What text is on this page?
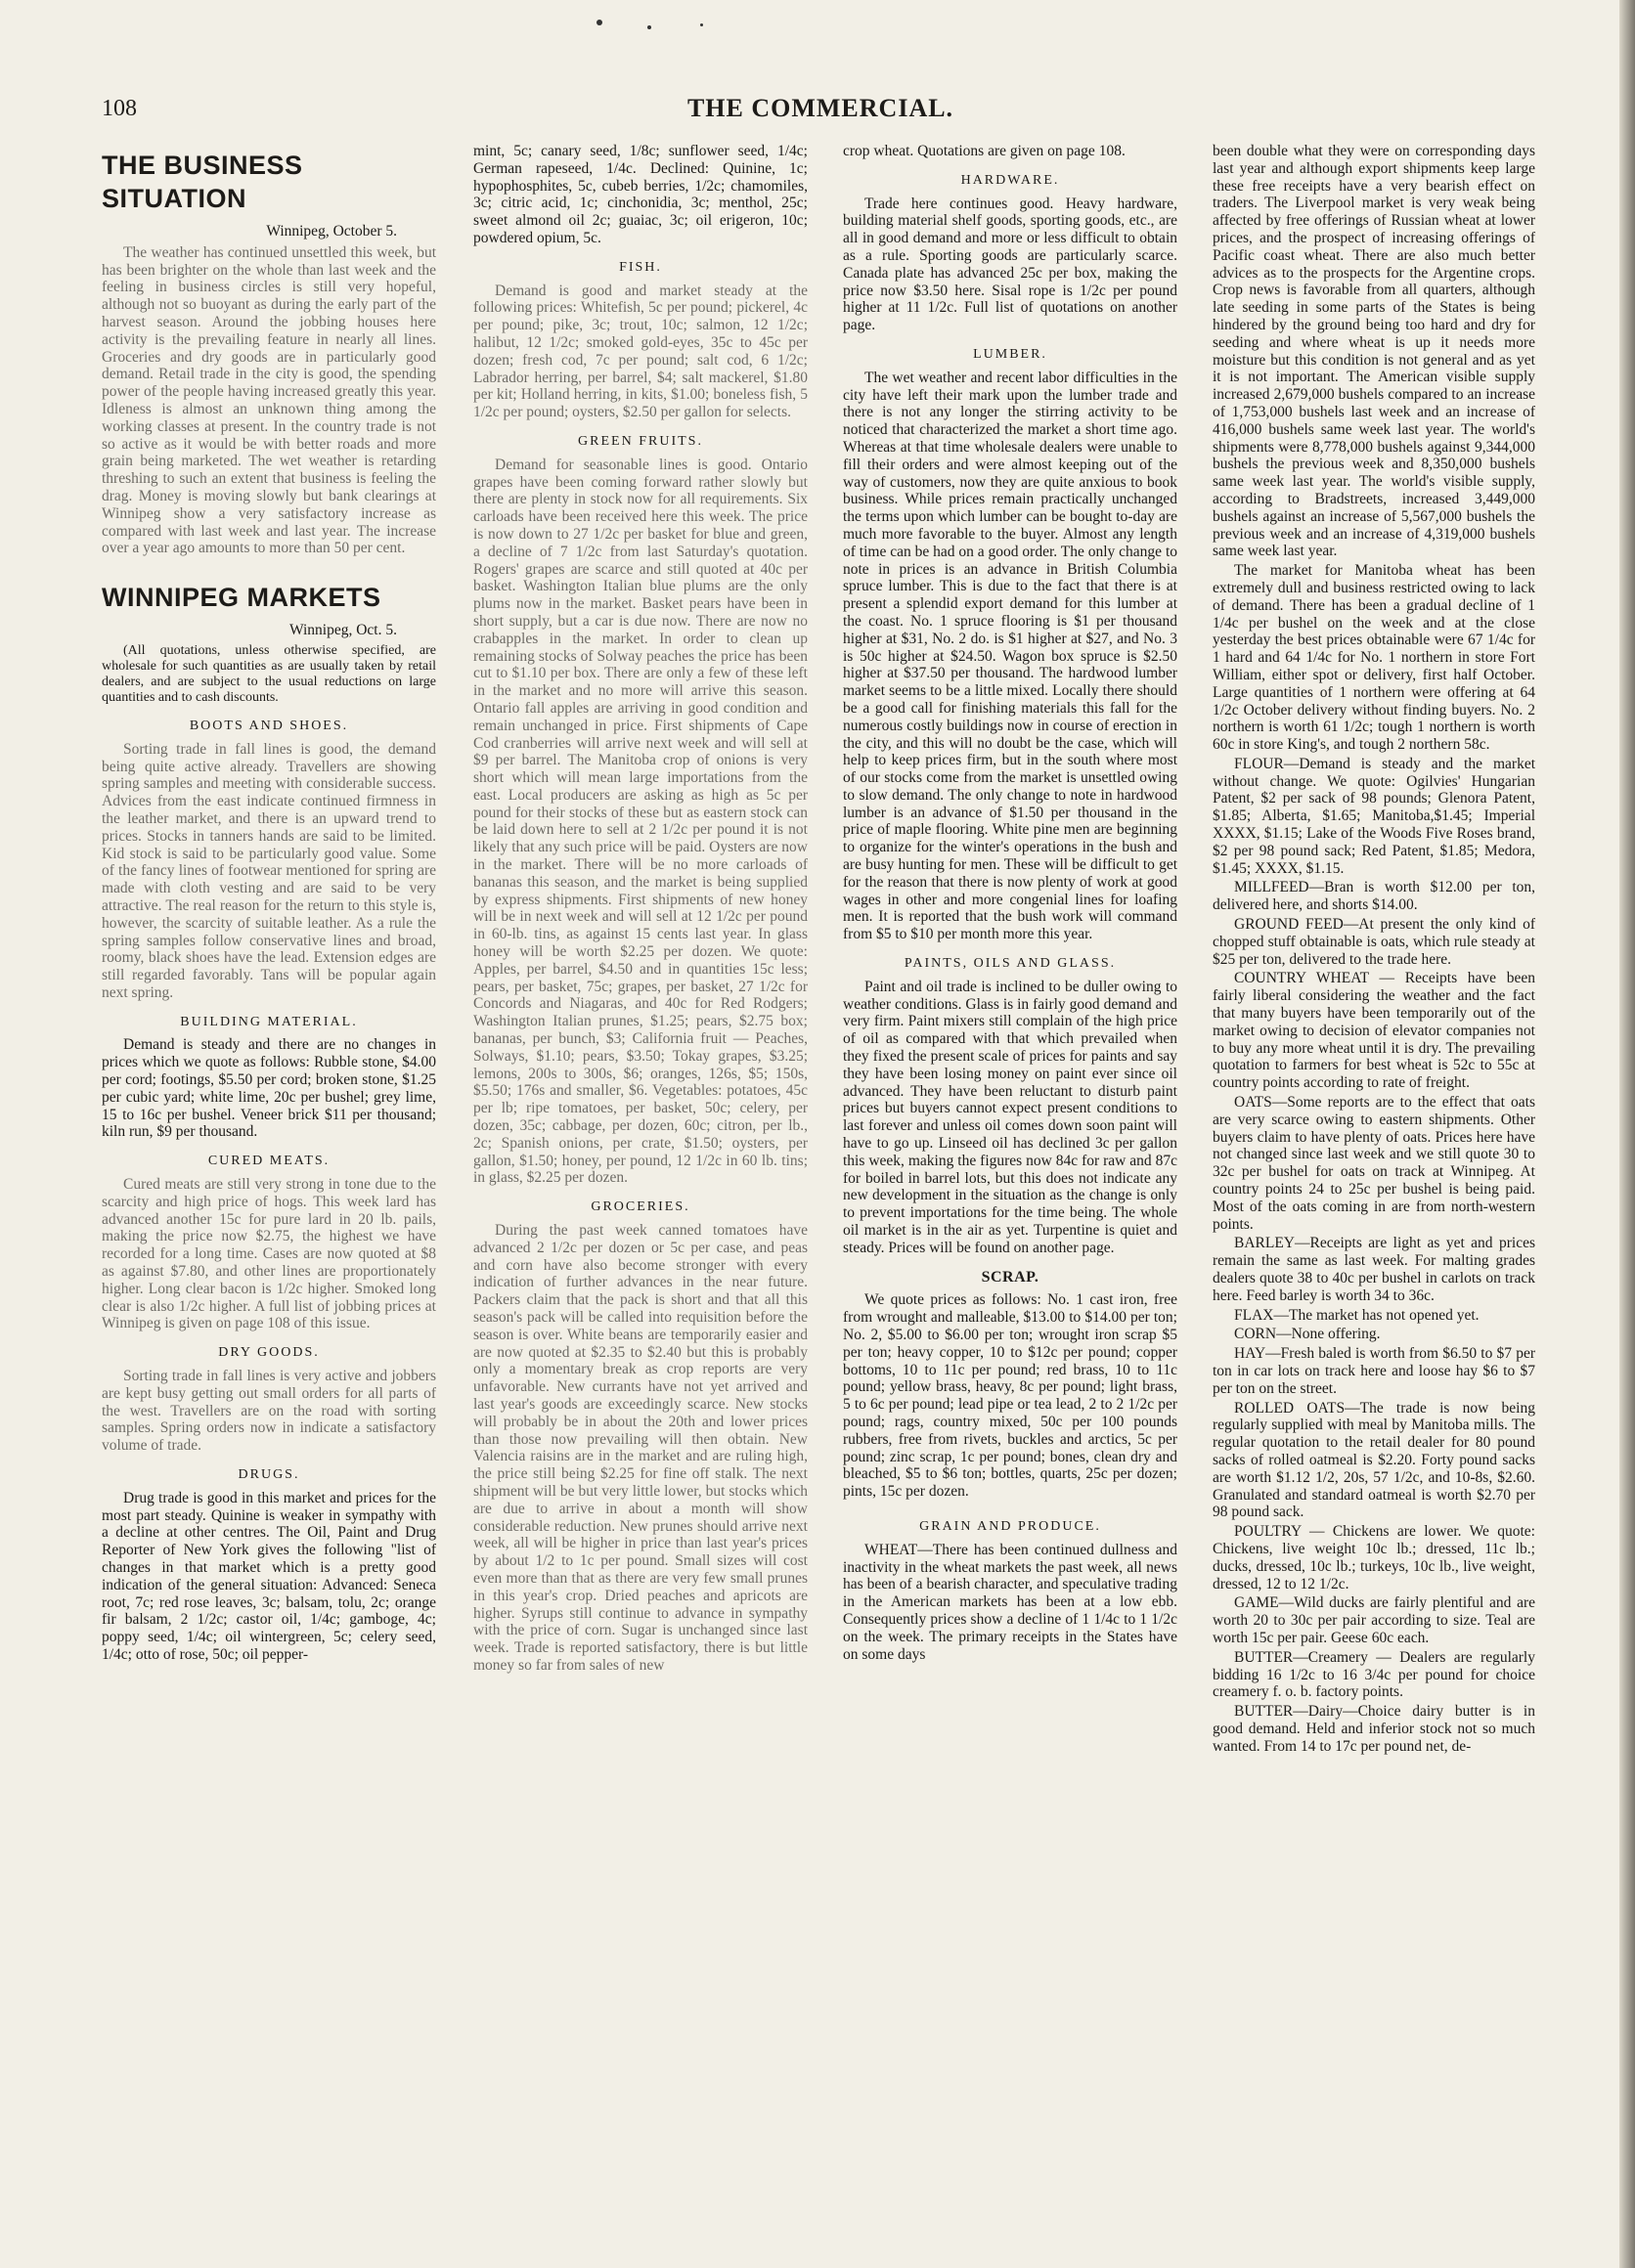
108	THE COMMERCIAL.
THE BUSINESS SITUATION
Winnipeg, October 5.

The weather has continued unsettled this week, but has been brighter on the whole than last week and the feeling in business circles is still very hopeful, although not so buoyant as during the early part of the harvest season. Around the jobbing houses here activity is the prevailing feature in nearly all lines. Groceries and dry goods are in particularly good demand. Retail trade in the city is good, the spending power of the people having increased greatly this year. Idleness is almost an unknown thing among the working classes at present. In the country trade is not so active as it would be with better roads and more grain being marketed. The wet weather is retarding threshing to such an extent that business is feeling the drag. Money is moving slowly but bank clearings at Winnipeg show a very satisfactory increase as compared with last week and last year. The increase over a year ago amounts to more than 50 per cent.

WINNIPEG MARKETS
Winnipeg, Oct. 5.

(All quotations, unless otherwise specified, are wholesale for such quantities as are usually taken by retail dealers, and are subject to the usual reductions on large quantities and to cash discounts.

BOOTS AND SHOES.

Sorting trade in fall lines is good, the demand being quite active already. Travellers are showing spring samples and meeting with considerable success. Advices from the east indicate continued firmness in the leather market, and there is an upward trend to prices. Stocks in tanners hands are said to be limited. Kid stock is said to be particularly good value. Some of the fancy lines of footwear mentioned for spring are made with cloth vesting and are said to be very attractive. The real reason for the return to this style is, however, the scarcity of suitable leather. As a rule the spring samples follow conservative lines and broad, roomy, black shoes have the lead. Extension edges are still regarded favorably. Tans will be popular again next spring.

BUILDING MATERIAL.

Demand is steady and there are no changes in prices which we quote as follows: Rubble stone, $4.00 per cord; footings, $5.50 per cord; broken stone, $1.25 per cubic yard; white lime, 20c per bushel; grey lime, 15 to 16c per bushel. Veneer brick $11 per thousand; kiln run, $9 per thousand.

CURED MEATS.

Cured meats are still very strong in tone due to the scarcity and high price of hogs. This week lard has advanced another 15c for pure lard in 20 lb. pails, making the price now $2.75, the highest we have recorded for a long time. Cases are now quoted at $8 as against $7.80, and other lines are proportionately higher. Long clear bacon is 1/2c higher. Smoked long clear is also 1/2c higher. A full list of jobbing prices at Winnipeg is given on page 108 of this issue.

DRY GOODS.

Sorting trade in fall lines is very active and jobbers are kept busy getting out small orders for all parts of the west. Travellers are on the road with sorting samples. Spring orders now in indicate a satisfactory volume of trade.

DRUGS.

Drug trade is good in this market and prices for the most part steady. Quinine is weaker in sympathy with a decline at other centres. The Oil, Paint and Drug Reporter of New York gives the following "list of changes in that market which is a pretty good indication of the general situation: Advanced: Seneca root, 7c; red rose leaves, 3c; balsam, tolu, 2c; orange fir balsam, 2 1/2c; castor oil, 1/4c; gamboge, 4c; poppy seed, 1/4c; oil wintergreen, 5c; celery seed, 1/4c; otto of rose, 50c; oil pepper-

mint, 5c; canary seed, 1/8c; sunflower seed, 1/4c; German rapeseed, 1/4c. Declined: Quinine, 1c; hypophosphites, 5c, cubeb berries, 1/2c; chamomiles, 3c; citric acid, 1c; cinchonidia, 3c; menthol, 25c; sweet almond oil 2c; guaiac, 3c; oil erigeron, 10c; powdered opium, 5c.

FISH.

Demand is good and market steady at the following prices: Whitefish, 5c per pound; pickerel, 4c per pound; pike, 3c; trout, 10c; salmon, 12 1/2c; halibut, 12 1/2c; smoked gold-eyes, 35c to 45c per dozen; fresh cod, 7c per pound; salt cod, 6 1/2c; Labrador herring, per barrel, $4; salt mackerel, $1.80 per kit; Holland herring, in kits, $1.00; boneless fish, 5 1/2c per pound; oysters, $2.50 per gallon for selects.

GREEN FRUITS.

Demand for seasonable lines is good. Ontario grapes have been coming forward rather slowly but there are plenty in stock now for all requirements. Six carloads have been received here this week. The price is now down to 27 1/2c per basket for blue and green, a decline of 7 1/2c from last Saturday's quotation. Rogers' grapes are scarce and still quoted at 40c per basket. Washington Italian blue plums are the only plums now in the market. Basket pears have been in short supply, but a car is due now. There are now no crabapples in the market. In order to clean up remaining stocks of Solway peaches the price has been cut to $1.10 per box. There are only a few of these left in the market and no more will arrive this season. Ontario fall apples are arriving in good condition and remain unchanged in price. First shipments of Cape Cod cranberries will arrive next week and will sell at $9 per barrel. The Manitoba crop of onions is very short which will mean large importations from the east. Local producers are asking as high as 5c per pound for their stocks of these but as eastern stock can be laid down here to sell at 2 1/2c per pound it is not likely that any such price will be paid. Oysters are now in the market. There will be no more carloads of bananas this season, and the market is being supplied by express shipments. First shipments of new honey will be in next week and will sell at 12 1/2c per pound in 60-lb. tins, as against 15 cents last year. In glass honey will be worth $2.25 per dozen. We quote: Apples, per barrel, $4.50 and in quantities 15c less; pears, per basket, 75c; grapes, per basket, 27 1/2c for Concords and Niagaras, and 40c for Red Rodgers; Washington Italian prunes, $1.25; pears, $2.75 box; bananas, per bunch, $3; California fruit — Peaches, Solways, $1.10; pears, $3.50; Tokay grapes, $3.25; lemons, 200s to 300s, $6; oranges, 126s, $5; 150s, $5.50; 176s and smaller, $6. Vegetables: potatoes, 45c per lb; ripe tomatoes, per basket, 50c; celery, per dozen, 35c; cabbage, per dozen, 60c; citron, per lb., 2c; Spanish onions, per crate, $1.50; oysters, per gallon, $1.50; honey, per pound, 12 1/2c in 60 lb. tins; in glass, $2.25 per dozen.

GROCERIES.

During the past week canned tomatoes have advanced 2 1/2c per dozen or 5c per case, and peas and corn have also become stronger with every indication of further advances in the near future. Packers claim that the pack is short and that all this season's pack will be called into requisition before the season is over. White beans are temporarily easier and are now quoted at $2.35 to $2.40 but this is probably only a momentary break as crop reports are very unfavorable. New currants have not yet arrived and last year's goods are exceedingly scarce. New stocks will probably be in about the 20th and lower prices than those now prevailing will then obtain. New Valencia raisins are in the market and are ruling high, the price still being $2.25 for fine off stalk. The next shipment will be but very little lower, but stocks which are due to arrive in about a month will show considerable reduction. New prunes should arrive next week, all will be higher in price than last year's prices by about 1/2 to 1c per pound. Small sizes will cost even more than that as there are very few small prunes in this year's crop. Dried peaches and apricots are higher. Syrups still continue to advance in sympathy with the price of corn. Sugar is unchanged since last week. Trade is reported satisfactory, there is but little money so far from sales of new

crop wheat. Quotations are given on page 108.

HARDWARE.

Trade here continues good. Heavy hardware, building material shelf goods, sporting goods, etc., are all in good demand and more or less difficult to obtain as a rule. Sporting goods are particularly scarce. Canada plate has advanced 25c per box, making the price now $3.50 here. Sisal rope is 1/2c per pound higher at 11 1/2c. Full list of quotations on another page.

LUMBER.

The wet weather and recent labor difficulties in the city have left their mark upon the lumber trade and there is not any longer the stirring activity to be noticed that characterized the market a short time ago. Whereas at that time wholesale dealers were unable to fill their orders and were almost keeping out of the way of customers, now they are quite anxious to book business. While prices remain practically unchanged the terms upon which lumber can be bought to-day are much more favorable to the buyer. Almost any length of time can be had on a good order. The only change to note in prices is an advance in British Columbia spruce lumber. This is due to the fact that there is at present a splendid export demand for this lumber at the coast. No. 1 spruce flooring is $1 per thousand higher at $31, No. 2 do. is $1 higher at $27, and No. 3 is 50c higher at $24.50. Wagon box spruce is $2.50 higher at $37.50 per thousand. The hardwood lumber market seems to be a little mixed. Locally there should be a good call for finishing materials this fall for the numerous costly buildings now in course of erection in the city, and this will no doubt be the case, which will help to keep prices firm, but in the south where most of our stocks come from the market is unsettled owing to slow demand. The only change to note in hardwood lumber is an advance of $1.50 per thousand in the price of maple flooring. White pine men are beginning to organize for the winter's operations in the bush and are busy hunting for men. These will be difficult to get for the reason that there is now plenty of work at good wages in other and more congenial lines for loafing men. It is reported that the bush work will command from $5 to $10 per month more this year.

PAINTS, OILS AND GLASS.

Paint and oil trade is inclined to be duller owing to weather conditions. Glass is in fairly good demand and very firm. Paint mixers still complain of the high price of oil as compared with that which prevailed when they fixed the present scale of prices for paints and say they have been losing money on paint ever since oil advanced. They have been reluctant to disturb paint prices but buyers cannot expect present conditions to last forever and unless oil comes down soon paint will have to go up. Linseed oil has declined 3c per gallon this week, making the figures now 84c for raw and 87c for boiled in barrel lots, but this does not indicate any new development in the situation as the change is only to prevent importations for the time being. The whole oil market is in the air as yet. Turpentine is quiet and steady. Prices will be found on another page.

SCRAP.

We quote prices as follows: No. 1 cast iron, free from wrought and malleable, $13.00 to $14.00 per ton; No. 2, $5.00 to $6.00 per ton; wrought iron scrap $5 per ton; heavy copper, 10 to $12c per pound; copper bottoms, 10 to 11c per pound; red brass, 10 to 11c pound; yellow brass, heavy, 8c per pound; light brass, 5 to 6c per pound; lead pipe or tea lead, 2 to 2 1/2c per pound; rags, country mixed, 50c per 100 pounds rubbers, free from rivets, buckles and arctics, 5c per pound; zinc scrap, 1c per pound; bones, clean dry and bleached, $5 to $6 ton; bottles, quarts, 25c per dozen; pints, 15c per dozen.

GRAIN AND PRODUCE.

WHEAT—There has been continued dullness and inactivity in the wheat markets the past week, all news has been of a bearish character, and speculative trading in the American markets has been at a low ebb. Consequently prices show a decline of 1 1/4c to 1 1/2c on the week. The primary receipts in the States have on some days

been double what they were on corresponding days last year and although export shipments keep large these free receipts have a very bearish effect on traders. The Liverpool market is very weak being affected by free offerings of Russian wheat at lower prices, and the prospect of increasing offerings of Pacific coast wheat. There are also much better advices as to the prospects for the Argentine crops. Crop news is favorable from all quarters, although late seeding in some parts of the States is being hindered by the ground being too hard and dry for seeding and where wheat is up it needs more moisture but this condition is not general and as yet it is not important. The American visible supply increased 2,679,000 bushels compared to an increase of 1,753,000 bushels last week and an increase of 416,000 bushels same week last year. The world's shipments were 8,778,000 bushels against 9,344,000 bushels the previous week and 8,350,000 bushels same week last year. The world's visible supply, according to Bradstreets, increased 3,449,000 bushels against an increase of 5,567,000 bushels the previous week and an increase of 4,319,000 bushels same week last year.

The market for Manitoba wheat has been extremely dull and business restricted owing to lack of demand. There has been a gradual decline of 1 1/4c per bushel on the week and at the close yesterday the best prices obtainable were 67 1/4c for 1 hard and 64 1/4c for No. 1 northern in store Fort William, either spot or delivery, first half October. Large quantities of 1 northern were offering at 64 1/2c October delivery without finding buyers. No. 2 northern is worth 61 1/2c; tough 1 northern is worth 60c in store King's, and tough 2 northern 58c.

FLOUR—Demand is steady and the market without change. We quote: Ogilvies' Hungarian Patent, $2 per sack of 98 pounds; Glenora Patent, $1.85; Alberta, $1.65; Manitoba,$1.45; Imperial XXXX, $1.15; Lake of the Woods Five Roses brand, $2 per 98 pound sack; Red Patent, $1.85; Medora, $1.45; XXXX, $1.15.

MILLFEED—Bran is worth $12.00 per ton, delivered here, and shorts $14.00.

GROUND FEED—At present the only kind of chopped stuff obtainable is oats, which rule steady at $25 per ton, delivered to the trade here.

COUNTRY WHEAT — Receipts have been fairly liberal considering the weather and the fact that many buyers have been temporarily out of the market owing to decision of elevator companies not to buy any more wheat until it is dry. The prevailing quotation to farmers for best wheat is 52c to 55c at country points according to rate of freight.

OATS—Some reports are to the effect that oats are very scarce owing to eastern shipments. Other buyers claim to have plenty of oats. Prices here have not changed since last week and we still quote 30 to 32c per bushel for oats on track at Winnipeg. At country points 24 to 25c per bushel is being paid. Most of the oats coming in are from north-western points.

BARLEY—Receipts are light as yet and prices remain the same as last week. For malting grades dealers quote 38 to 40c per bushel in carlots on track here. Feed barley is worth 34 to 36c.

FLAX—The market has not opened yet.

CORN—None offering.

HAY—Fresh baled is worth from $6.50 to $7 per ton in car lots on track here and loose hay $6 to $7 per ton on the street.

ROLLED OATS—The trade is now being regularly supplied with meal by Manitoba mills. The regular quotation to the retail dealer for 80 pound sacks of rolled oatmeal is $2.20. Forty pound sacks are worth $1.12 1/2, 20s, 57 1/2c, and 10-8s, $2.60. Granulated and standard oatmeal is worth $2.70 per 98 pound sack.

POULTRY — Chickens are lower. We quote: Chickens, live weight 10c lb.; dressed, 11c lb.; ducks, dressed, 10c lb.; turkeys, 10c lb., live weight, dressed, 12 to 12 1/2c.

GAME—Wild ducks are fairly plentiful and are worth 20 to 30c per pair according to size. Teal are worth 15c per pair. Geese 60c each.

BUTTER—Creamery — Dealers are regularly bidding 16 1/2c to 16 3/4c per pound for choice creamery f. o. b. factory points.

BUTTER—Dairy—Choice dairy butter is in good demand. Held and inferior stock not so much wanted. From 14 to 17c per pound net, de-
